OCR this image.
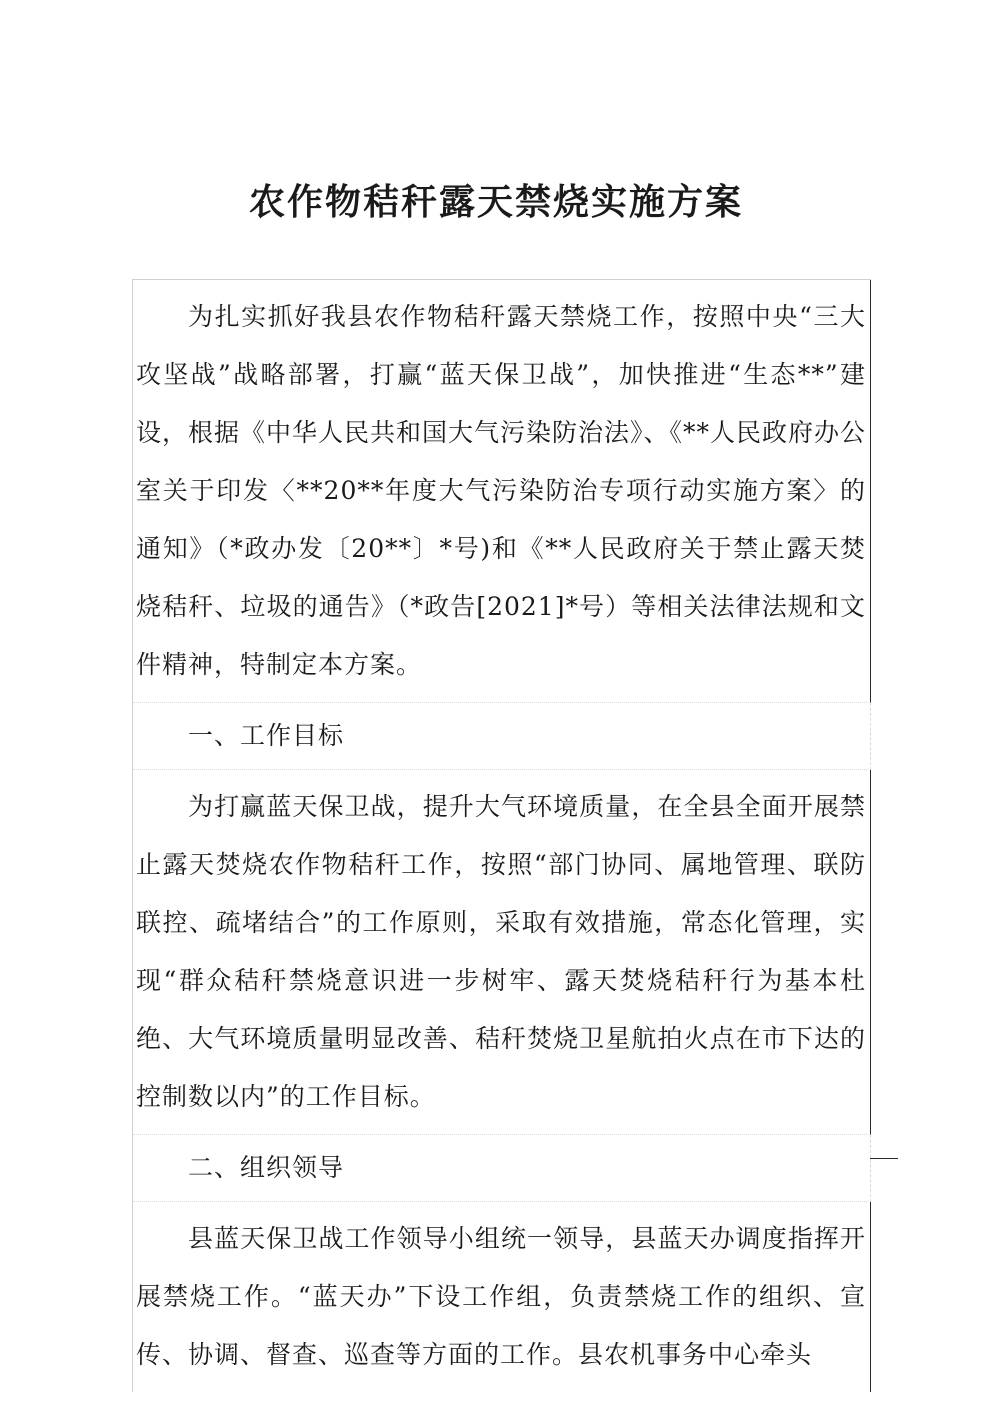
农作物秸秆露天禁烧实施方案
为扎实抓好我县农作物秸秆露天禁烧工作，按照中央“三大攻坚战”战略部署，打赢“蓝天保卫战”，加快推进“生态**”建设，根据《中华人民共和国大气污染防治法》、《**人民政府办公室关于印发〈**20**年度大气污染防治专项行动实施方案〉的通知》（*政办发〔20**〕*号)和《**人民政府关于禁止露天焚烧秸秆、垃圾的通告》（*政告[2021]*号）等相关法律法规和文件精神，特制定本方案。
一、工作目标
为打赢蓝天保卫战，提升大气环境质量，在全县全面开展禁止露天焚烧农作物秸秆工作，按照“部门协同、属地管理、联防联控、疏堵结合”的工作原则，采取有效措施，常态化管理，实现“群众秸秆禁烧意识进一步树牢、露天焚烧秸秆行为基本杜绝、大气环境质量明显改善、秸秆焚烧卫星航拍火点在市下达的控制数以内”的工作目标。
二、组织领导
县蓝天保卫战工作领导小组统一领导，县蓝天办调度指挥开展禁烧工作。“蓝天办”下设工作组，负责禁烧工作的组织、宣传、协调、督查、巡查等方面的工作。县农机事务中心牵头
